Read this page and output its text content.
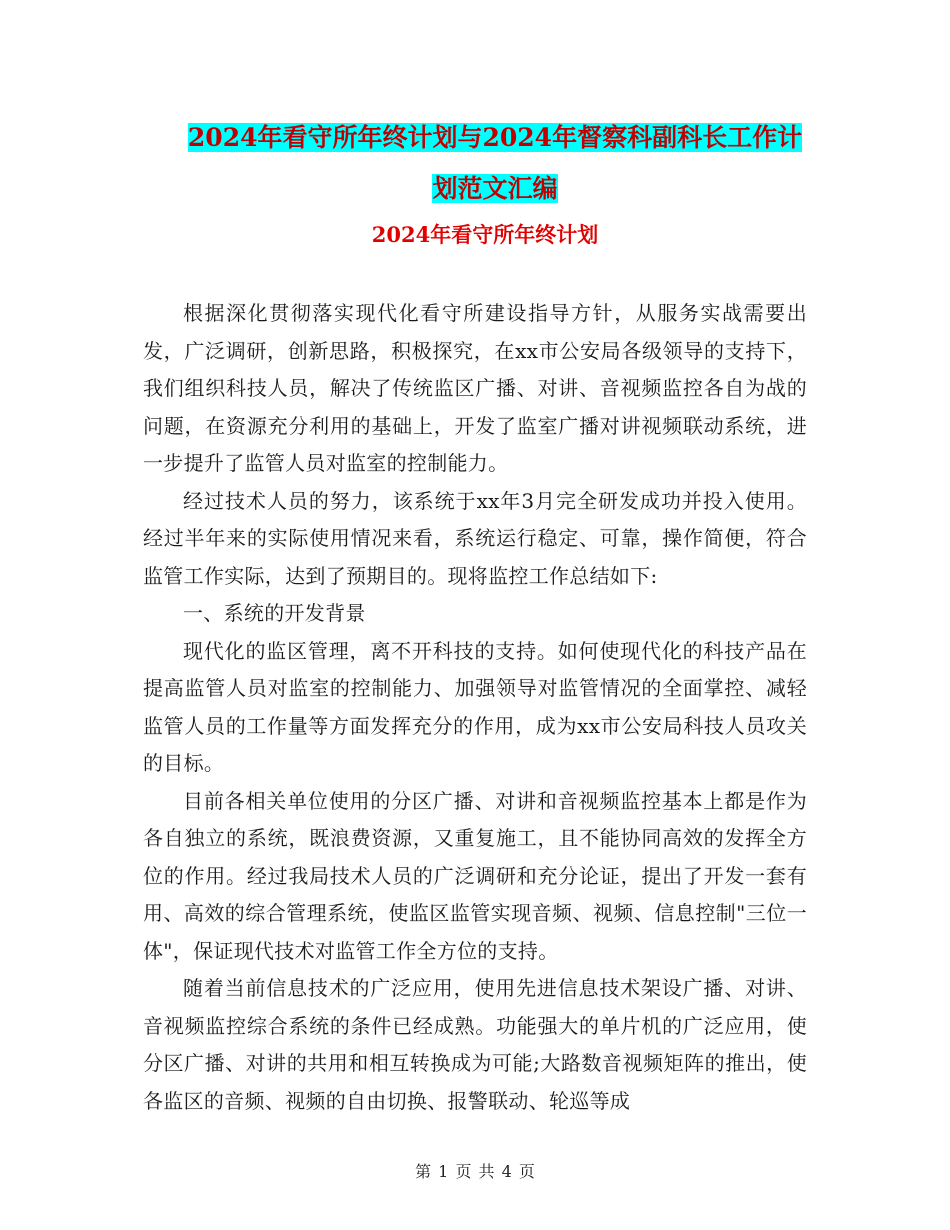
2024年看守所年终计划与2024年督察科副科长工作计
划范文汇编
2024年看守所年终计划

根据深化贯彻落实现代化看守所建设指导方针，从服务实战需要出发，广泛调研，创新思路，积极探究，在xx市公安局各级领导的支持下，我们组织科技人员，解决了传统监区广播、对讲、音视频监控各自为战的问题，在资源充分利用的基础上，开发了监室广播对讲视频联动系统，进一步提升了监管人员对监室的控制能力。

经过技术人员的努力，该系统于xx年3月完全研发成功并投入使用。经过半年来的实际使用情况来看，系统运行稳定、可靠，操作简便，符合监管工作实际，达到了预期目的。现将监控工作总结如下:

一、系统的开发背景

现代化的监区管理，离不开科技的支持。如何使现代化的科技产品在提高监管人员对监室的控制能力、加强领导对监管情况的全面掌控、减轻监管人员的工作量等方面发挥充分的作用，成为xx市公安局科技人员攻关的目标。

目前各相关单位使用的分区广播、对讲和音视频监控基本上都是作为各自独立的系统，既浪费资源，又重复施工，且不能协同高效的发挥全方位的作用。经过我局技术人员的广泛调研和充分论证，提出了开发一套有用、高效的综合管理系统，使监区监管实现音频、视频、信息控制"三位一体"，保证现代技术对监管工作全方位的支持。

随着当前信息技术的广泛应用，使用先进信息技术架设广播、对讲、音视频监控综合系统的条件已经成熟。功能强大的单片机的广泛应用，使分区广播、对讲的共用和相互转换成为可能;大路数音视频矩阵的推出，使各监区的音频、视频的自由切换、报警联动、轮巡等成

第 1 页 共 4 页
